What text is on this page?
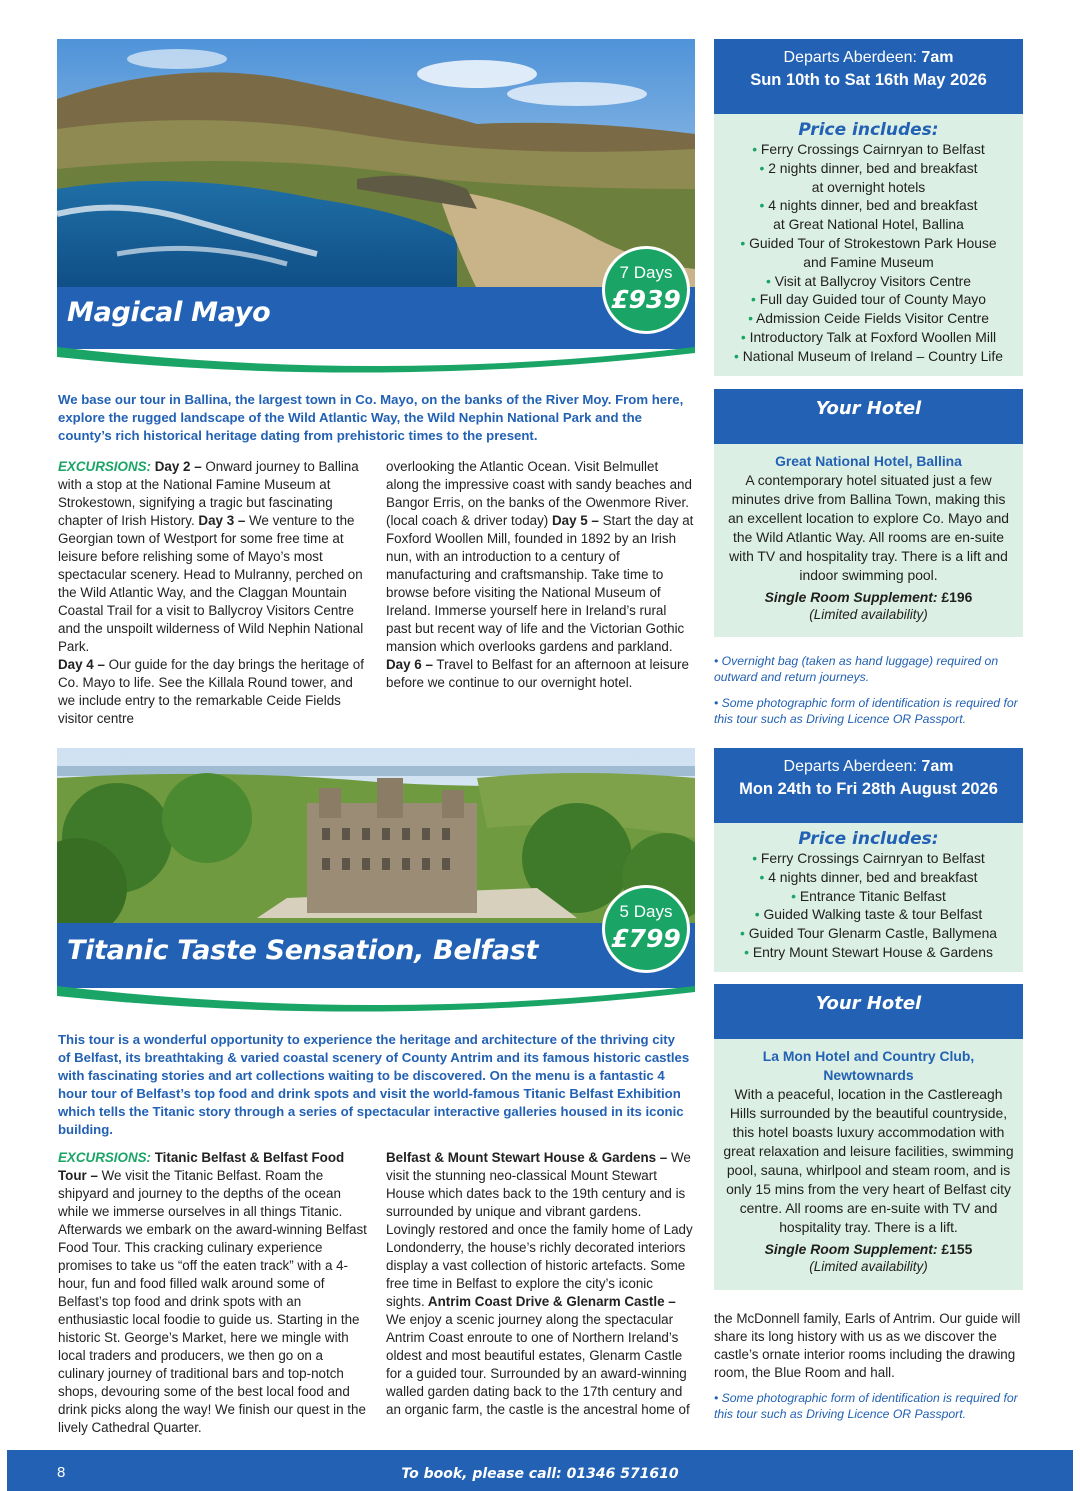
Magical Mayo
7 Days
£939
We base our tour in Ballina, the largest town in Co. Mayo, on the banks of the River Moy. From here, explore the rugged landscape of the Wild Atlantic Way, the Wild Nephin National Park and the county’s rich historical heritage dating from prehistoric times to the present.
EXCURSIONS: Day 2 – Onward journey to Ballina with a stop at the National Famine Museum at Strokestown, signifying a tragic but fascinating chapter of Irish History. Day 3 – We venture to the Georgian town of Westport for some free time at leisure before relishing some of Mayo’s most spectacular scenery. Head to Mulranny, perched on the Wild Atlantic Way, and the Claggan Mountain Coastal Trail for a visit to Ballycroy Visitors Centre and the unspoilt wilderness of Wild Nephin National Park.
Day 4 – Our guide for the day brings the heritage of Co. Mayo to life. See the Killala Round tower, and we include entry to the remarkable Ceide Fields visitor centre
overlooking the Atlantic Ocean. Visit Belmullet along the impressive coast with sandy beaches and Bangor Erris, on the banks of the Owenmore River.(local coach & driver today) Day 5 – Start the day at Foxford Woollen Mill, founded in 1892 by an Irish nun, with an introduction to a century of manufacturing and craftsmanship. Take time to browse before visiting the National Museum of Ireland. Immerse yourself here in Ireland’s rural past but recent way of life and the Victorian Gothic mansion which overlooks gardens and parkland. Day 6 – Travel to Belfast for an afternoon at leisure before we continue to our overnight hotel.
Departs Aberdeen: 7am
Sun 10th to Sat 16th May 2026
Price includes:
• Ferry Crossings Cairnryan to Belfast
• 2 nights dinner, bed and breakfast
at overnight hotels
• 4 nights dinner, bed and breakfast
at Great National Hotel, Ballina
• Guided Tour of Strokestown Park House
and Famine Museum
• Visit at Ballycroy Visitors Centre
• Full day Guided tour of County Mayo
• Admission Ceide Fields Visitor Centre
• Introductory Talk at Foxford Woollen Mill
• National Museum of Ireland – Country Life
Your Hotel
Great National Hotel, Ballina
A contemporary hotel situated just a few minutes drive from Ballina Town, making this an excellent location to explore Co. Mayo and the Wild Atlantic Way. All rooms are en-suite with TV and hospitality tray. There is a lift and indoor swimming pool.
Single Room Supplement: £196
(Limited availability)
• Overnight bag (taken as hand luggage) required on outward and return journeys.
• Some photographic form of identification is required for this tour such as Driving Licence OR Passport.
Titanic Taste Sensation, Belfast
5 Days
£799
This tour is a wonderful opportunity to experience the heritage and architecture of the thriving city of Belfast, its breathtaking & varied coastal scenery of County Antrim and its famous historic castles with fascinating stories and art collections waiting to be discovered. On the menu is a fantastic 4 hour tour of Belfast’s top food and drink spots and visit the world-famous Titanic Belfast Exhibition which tells the Titanic story through a series of spectacular interactive galleries housed in its iconic building.
EXCURSIONS: Titanic Belfast & Belfast Food Tour – We visit the Titanic Belfast. Roam the shipyard and journey to the depths of the ocean while we immerse ourselves in all things Titanic. Afterwards we embark on the award-winning Belfast Food Tour. This cracking culinary experience promises to take us “off the eaten track” with a 4-hour, fun and food filled walk around some of Belfast’s top food and drink spots with an enthusiastic local foodie to guide us. Starting in the historic St. George’s Market, here we mingle with local traders and producers, we then go on a culinary journey of traditional bars and top-notch shops, devouring some of the best local food and drink picks along the way! We finish our quest in the lively Cathedral Quarter.
Belfast & Mount Stewart House & Gardens – We visit the stunning neo-classical Mount Stewart House which dates back to the 19th century and is surrounded by unique and vibrant gardens. Lovingly restored and once the family home of Lady Londonderry, the house’s richly decorated interiors display a vast collection of historic artefacts. Some free time in Belfast to explore the city’s iconic sights. Antrim Coast Drive & Glenarm Castle – We enjoy a scenic journey along the spectacular Antrim Coast enroute to one of Northern Ireland’s oldest and most beautiful estates, Glenarm Castle for a guided tour. Surrounded by an award-winning walled garden dating back to the 17th century and an organic farm, the castle is the ancestral home of
Departs Aberdeen: 7am
Mon 24th to Fri 28th August 2026
Price includes:
• Ferry Crossings Cairnryan to Belfast
• 4 nights dinner, bed and breakfast
• Entrance Titanic Belfast
• Guided Walking taste & tour Belfast
• Guided Tour Glenarm Castle, Ballymena
• Entry Mount Stewart House & Gardens
Your Hotel
La Mon Hotel and Country Club,
Newtownards
With a peaceful, location in the Castlereagh Hills surrounded by the beautiful countryside, this hotel boasts luxury accommodation with great relaxation and leisure facilities, swimming pool, sauna, whirlpool and steam room, and is only 15 mins from the very heart of Belfast city centre. All rooms are en-suite with TV and hospitality tray. There is a lift.
Single Room Supplement: £155
(Limited availability)
the McDonnell family, Earls of Antrim. Our guide will share its long history with us as we discover the castle’s ornate interior rooms including the drawing room, the Blue Room and hall.
• Some photographic form of identification is required for this tour such as Driving Licence OR Passport.
8	To book, please call: 01346 571610
